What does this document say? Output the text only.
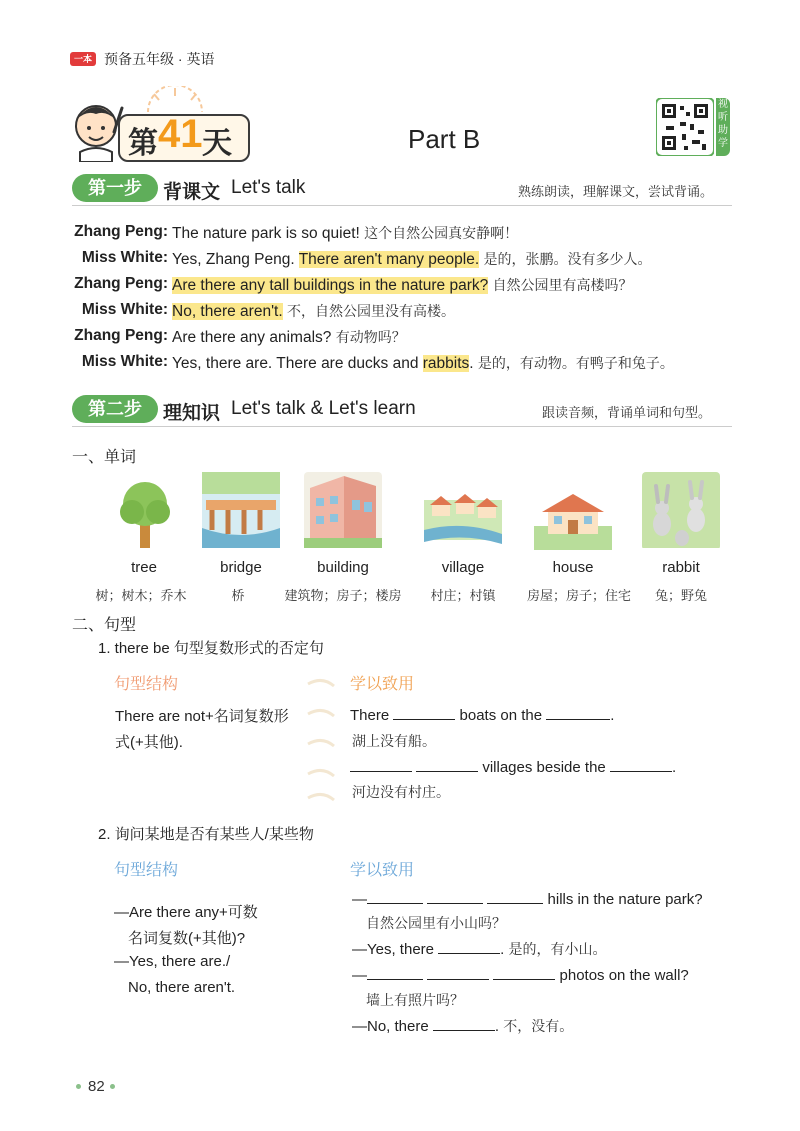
一本 预备五年级 · 英语
第 41 天	Part B
视听助学
第一步	背课文 Let's talk	熟练朗读，理解课文，尝试背诵。
Zhang Peng: The nature park is so quiet! 这个自然公园真安静啊！
Miss White: Yes, Zhang Peng. There aren't many people. 是的，张鹏。没有多少人。
Zhang Peng: Are there any tall buildings in the nature park? 自然公园里有高楼吗？
Miss White: No, there aren't. 不，自然公园里没有高楼。
Zhang Peng: Are there any animals? 有动物吗？
Miss White: Yes, there are. There are ducks and rabbits. 是的，有动物。有鸭子和兔子。
第二步	理知识 Let's talk & Let's learn	跟读音频，背诵单词和句型。
一、单词
tree	bridge	building	village	house	rabbit
树；树木；乔木	桥	建筑物；房子；楼房	村庄；村镇	房屋；房子；住宅	兔；野兔
二、句型
1. there be 句型复数形式的否定句
句型结构	学以致用
There are not+名词复数形
式(+其他).
There	boats on the	.
湖上没有船。
villages beside the	.
河边没有村庄。
2. 询问某地是否有某些人/某些物
句型结构	学以致用
—Are there any+可数
名词复数(+其他)?
—Yes, there are./
No, there aren't.
—	hills in the nature park?
自然公园里有小山吗？
—Yes, there	. 是的，有小山。
—	photos on the wall?
墙上有照片吗？
—No, there	. 不，没有。
82
